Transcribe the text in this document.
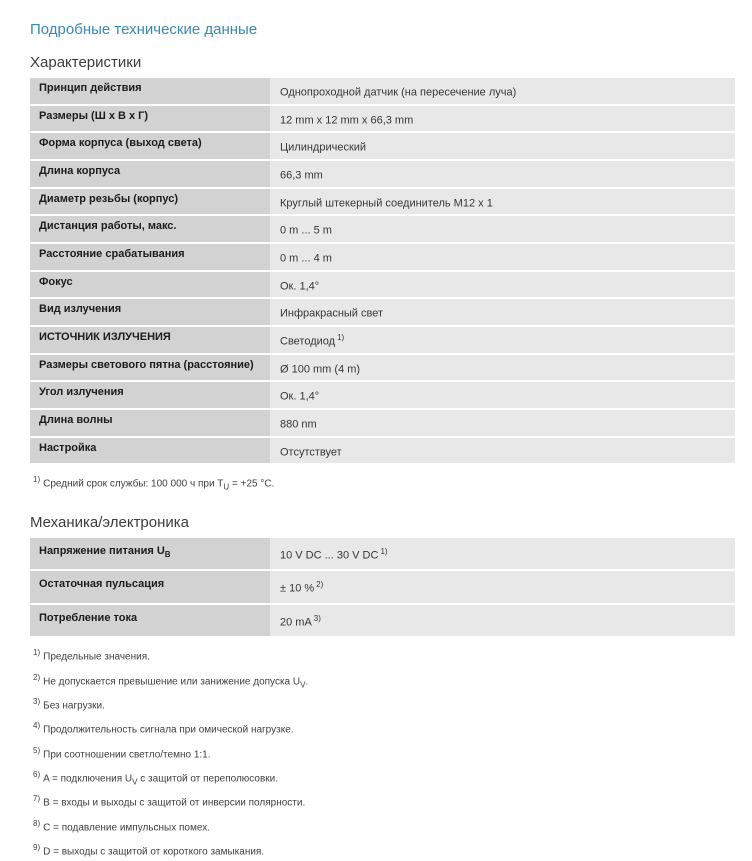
Подробные технические данные
Характеристики
Принцип действия	Однопроходной датчик (на пересечение луча)
Размеры (Ш x В x Г)	12 mm x 12 mm x 66,3 mm
Форма корпуса (выход света)	Цилиндрический
Длина корпуса	66,3 mm
Диаметр резьбы (корпус)	Круглый штекерный соединитель M12 x 1
Дистанция работы, макс.	0 m ... 5 m
Расстояние срабатывания	0 m ... 4 m
Фокус	Ок. 1,4°
Вид излучения	Инфракрасный свет
ИСТОЧНИК ИЗЛУЧЕНИЯ	Светодиод $^{1)}$
Размеры светового пятна (расстояние)	Ø 100 mm (4 m)
Угол излучения	Ок. 1,4°
Длина волны	880 nm
Настройка	Отсутствует
$^{1)}$ Средний срок службы: 100 000 ч при $T_U = +25$ °C.
Механика/электроника
Напряжение питания $U_B$	10 V DC ... 30 V DC $^{1)}$
Остаточная пульсация	± 10 % $^{2)}$
Потребление тока	20 mA $^{3)}$
$^{1)}$ Предельные значения.
$^{2)}$ Не допускается превышение или занижение допуска $U_V$.
$^{3)}$ Без нагрузки.
$^{4)}$ Продолжительность сигнала при омической нагрузке.
$^{5)}$ При соотношении светло/темно 1:1.
$^{6)}$ A = подключения $U_V$ с защитой от переполюсовки.
$^{7)}$ B = входы и выходы с защитой от инверсии полярности.
$^{8)}$ C = подавление импульсных помех.
$^{9)}$ D = выходы с защитой от короткого замыкания.
